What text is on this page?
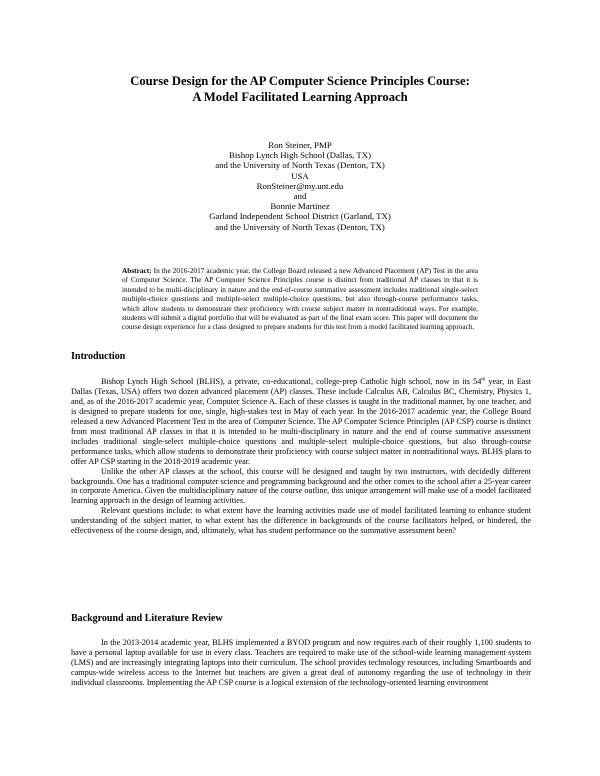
Course Design for the AP Computer Science Principles Course:
A Model Facilitated Learning Approach
Ron Steiner, PMP
Bishop Lynch High School (Dallas, TX)
and the University of North Texas (Denton, TX)
USA
RonSteiner@my.unt.edu
and
Bonnie Martinez
Garland Independent School District (Garland, TX)
and the University of North Texas (Denton, TX)
Abstract: In the 2016-2017 academic year, the College Board released a new Advanced Placement (AP) Test in the area of Computer Science. The AP Computer Science Principles course is distinct from traditional AP classes in that it is intended to be multi-disciplinary in nature and the end-of-course summative assessment includes traditional single-select multiple-choice questions and multiple-select multiple-choice questions, but also through-course performance tasks, which allow students to demonstrate their proficiency with course subject matter in nontraditional ways. For example, students will submit a digital portfolio that will be evaluated as part of the final exam score. This paper will document the course design experience for a class designed to prepare students for this test from a model facilitated learning approach.
Introduction

Bishop Lynch High School (BLHS), a private, co-educational, college-prep Catholic high school, now in its 54th year, in East Dallas (Texas, USA) offers two dozen advanced placement (AP) classes. These include Calculus AB, Calculus BC, Chemistry, Physics 1, and, as of the 2016-2017 academic year, Computer Science A. Each of these classes is taught in the traditional manner, by one teacher, and is designed to prepare students for one, single, high-stakes test in May of each year. In the 2016-2017 academic year, the College Board released a new Advanced Placement Test in the area of Computer Science. The AP Computer Science Principles (AP CSP) course is distinct from most traditional AP classes in that it is intended to be multi-disciplinary in nature and the end of course summative assessment includes traditional single-select multiple-choice questions and multiple-select multiple-choice questions, but also through-course performance tasks, which allow students to demonstrate their proficiency with course subject matter in nontraditional ways. BLHS plans to offer AP CSP starting in the 2018-2019 academic year.

Unlike the other AP classes at the school, this course will be designed and taught by two instructors, with decidedly different backgrounds. One has a traditional computer science and programming background and the other comes to the school after a 25-year career in corporate America. Given the multidisciplinary nature of the course outline, this unique arrangement will make use of a model facilitated learning approach in the design of learning activities.

Relevant questions include: to what extent have the learning activities made use of model facilitated learning to enhance student understanding of the subject matter, to what extent has the difference in backgrounds of the course facilitators helped, or hindered, the effectiveness of the course design, and, ultimately, what has student performance on the summative assessment been?

Background and Literature Review

In the 2013-2014 academic year, BLHS implemented a BYOD program and now requires each of their roughly 1,100 students to have a personal laptop available for use in every class. Teachers are required to make use of the school-wide learning management system (LMS) and are increasingly integrating laptops into their curriculum. The school provides technology resources, including Smartboards and campus-wide wireless access to the Internet but teachers are given a great deal of autonomy regarding the use of technology in their individual classrooms. Implementing the AP CSP course is a logical extension of the technology-oriented learning environment
